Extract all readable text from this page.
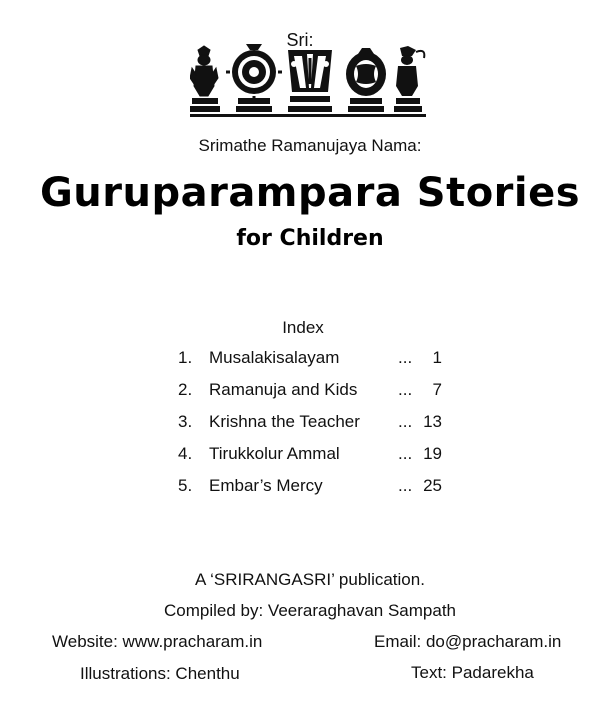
Sri:
Srimathe Ramanujaya Nama:
Guruparampara Stories
for Children
Index
1. Musalakisalayam	... 1
2. Ramanuja and Kids ... 7
3. Krishna the Teacher ... 13
4. Tirukkolur Ammal	... 19
5. Embar’s Mercy	... 25
A ‘SRIRANGASRI’ publication.
Compiled by: Veeraraghavan Sampath
Website: www.pracharam.in	Email: do@pracharam.in
Illustrations: Chenthu	Text: Padarekha
